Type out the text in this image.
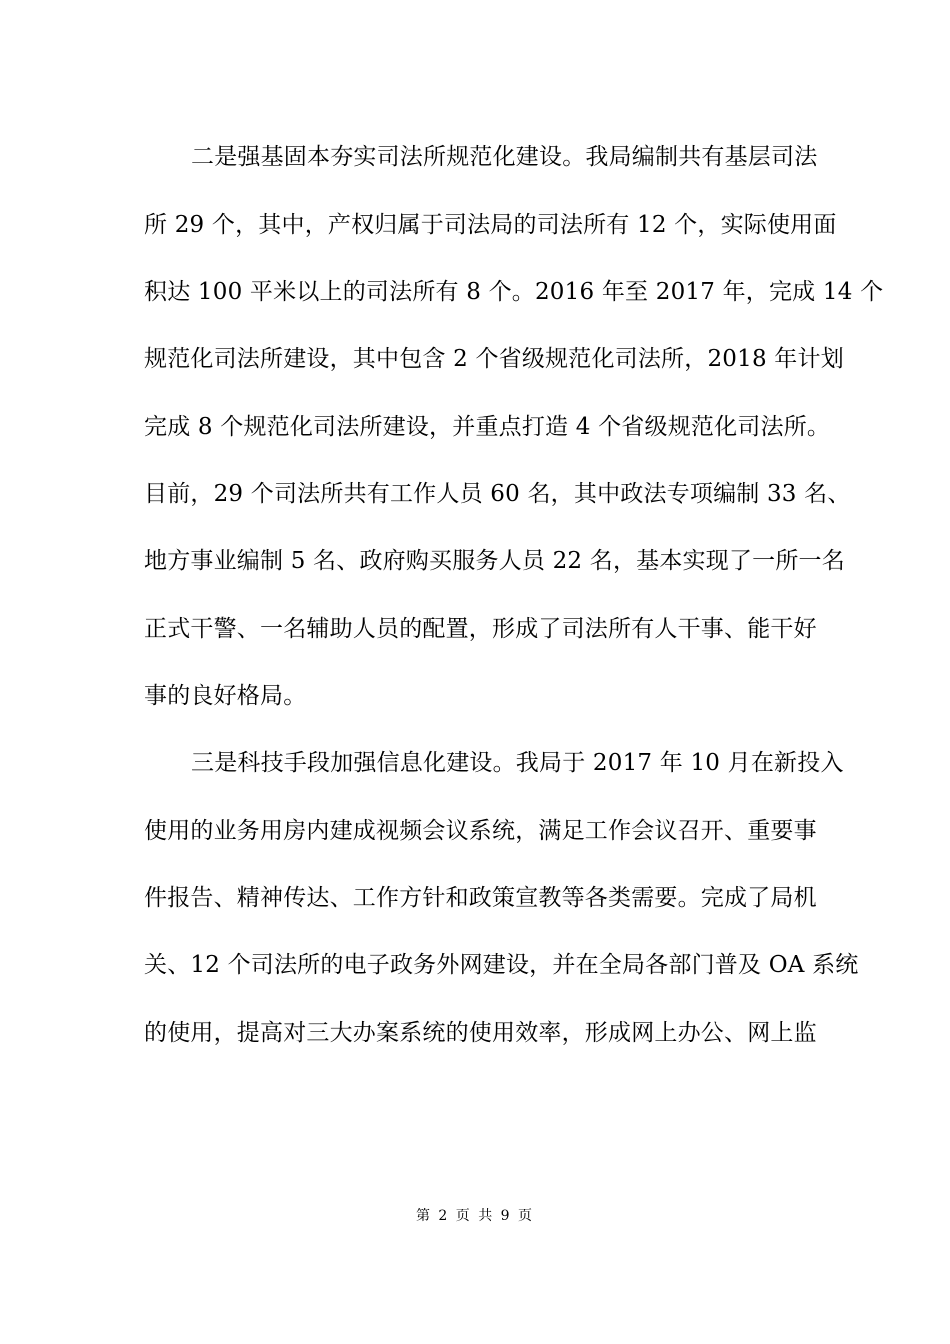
二是强基固本夯实司法所规范化建设。我局编制共有基层司法
所 29 个，其中，产权归属于司法局的司法所有 12 个，实际使用面
积达 100 平米以上的司法所有 8 个。2016 年至 2017 年，完成 14 个
规范化司法所建设，其中包含 2 个省级规范化司法所，2018 年计划
完成 8 个规范化司法所建设，并重点打造 4 个省级规范化司法所。
目前，29 个司法所共有工作人员 60 名，其中政法专项编制 33 名、
地方事业编制 5 名、政府购买服务人员 22 名，基本实现了一所一名
正式干警、一名辅助人员的配置，形成了司法所有人干事、能干好
事的良好格局。
三是科技手段加强信息化建设。我局于 2017 年 10 月在新投入
使用的业务用房内建成视频会议系统，满足工作会议召开、重要事
件报告、精神传达、工作方针和政策宣教等各类需要。完成了局机
关、12 个司法所的电子政务外网建设，并在全局各部门普及 OA 系统
的使用，提高对三大办案系统的使用效率，形成网上办公、网上监
第 2 页 共 9 页
